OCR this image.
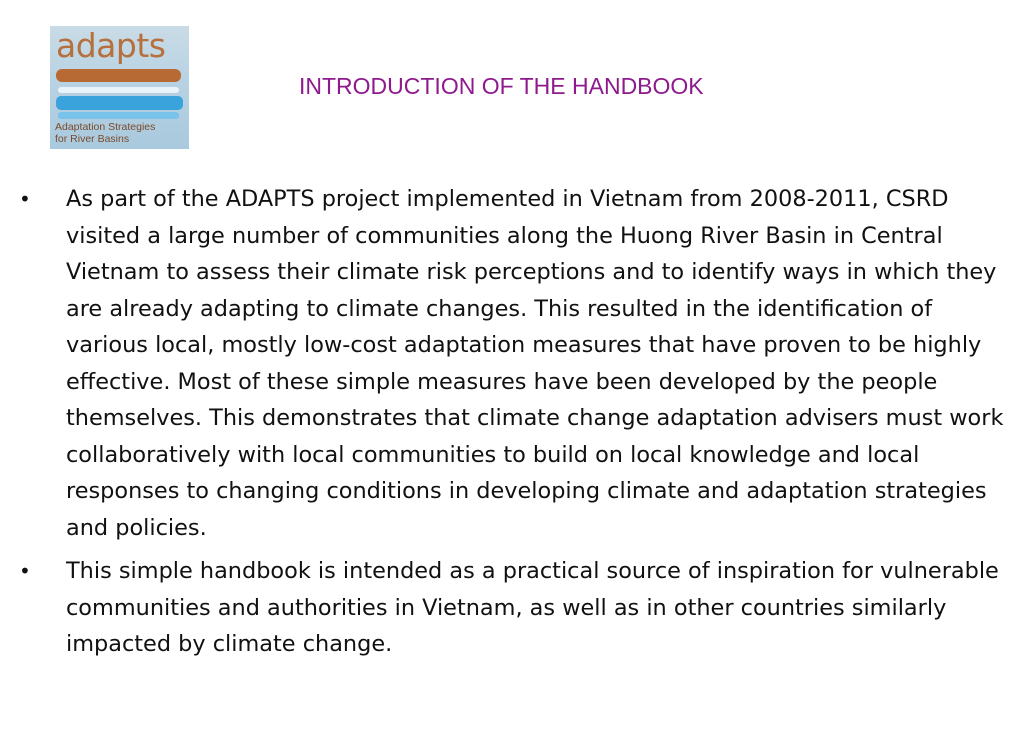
adapts
Adaptation Strategies
for River Basins
INTRODUCTION OF THE HANDBOOK
• As part of the ADAPTS project implemented in Vietnam from 2008-2011, CSRD visited a large number of communities along the Huong River Basin in Central Vietnam to assess their climate risk perceptions and to identify ways in which they are already adapting to climate changes. This resulted in the identification of various local, mostly low-cost adaptation measures that have proven to be highly effective. Most of these simple measures have been developed by the people themselves. This demonstrates that climate change adaptation advisers must work collaboratively with local communities to build on local knowledge and local responses to changing conditions in developing climate and adaptation strategies and policies.
• This simple handbook is intended as a practical source of inspiration for vulnerable communities and authorities in Vietnam, as well as in other countries similarly impacted by climate change.
